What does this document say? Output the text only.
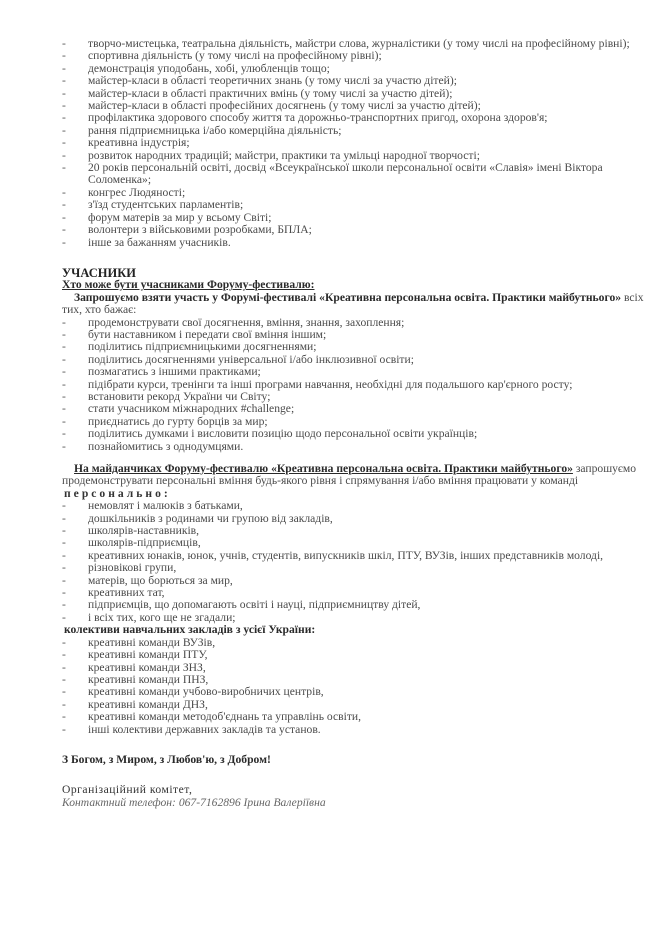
- творчо-мистецька, театральна діяльність, майстри слова, журналістики (у тому числі на професійному рівні);
- спортивна діяльність (у тому числі на професійному рівні);
- демонстрація уподобань, хобі, улюбленців тощо;
- майстер-класи в області теоретичних знань (у тому числі за участю дітей);
- майстер-класи в області практичних вмінь (у тому числі за участю дітей);
- майстер-класи в області професійних досягнень (у тому числі за участю дітей);
- профілактика здорового способу життя та дорожньо-транспортних пригод, охорона здоров'я;
- рання підприємницька і/або комерційна діяльність;
- креативна індустрія;
- розвиток народних традицій; майстри, практики та умільці народної творчості;
- 20 років персональній освіті, досвід «Всеукраїнської школи персональної освіти «Славія» імені Віктора Соломенка»;
- конгрес Людяності;
- з'їзд студентських парламентів;
- форум матерів за мир у всьому Світі;
- волонтери з військовими розробками, БПЛА;
- інше за бажанням учасників.
УЧАСНИКИ
Хто може бути учасниками Форуму-фестивалю:
Запрошуємо взяти участь у Форумі-фестивалі «Креативна персональна освіта. Практики майбутнього» всіх тих, хто бажає:
- продемонструвати свої досягнення, вміння, знання, захоплення;
- бути наставником і передати свої вміння іншим;
- поділитись підприємницькими досягненнями;
- поділитись досягненнями універсальної і/або інклюзивної освіти;
- позмагатись з іншими практиками;
- підібрати курси, тренінги та інші програми навчання, необхідні для подальшого кар'єрного росту;
- встановити рекорд України чи Світу;
- стати учасником міжнародних #challenge;
- приєднатись до гурту борців за мир;
- поділитись думками і висловити позицію щодо персональної освіти українців;
- познайомитись з однодумцями.
На майданчиках Форуму-фестивалю «Креативна персональна освіта. Практики майбутнього» запрошуємо продемонструвати персональні вміння будь-якого рівня і спрямування і/або вміння працювати у команді
персонально:
- немовлят і малюків з батьками,
- дошкільників з родинами чи групою від закладів,
- школярів-наставників,
- школярів-підприємців,
- креативних юнаків, юнок, учнів, студентів, випускників шкіл, ПТУ, ВУЗів, інших представників молоді,
- різновікові групи,
- матерів, що борються за мир,
- креативних тат,
- підприємців, що допомагають освіті і науці, підприємництву дітей,
- і всіх тих, кого ще не згадали;
колективи навчальних закладів з усієї України:
- креативні команди ВУЗів,
- креативні команди ПТУ,
- креативні команди ЗНЗ,
- креативні команди ПНЗ,
- креативні команди учбово-виробничих центрів,
- креативні команди ДНЗ,
- креативні команди методоб'єднань та управлінь освіти,
- інші колективи державних закладів та установ.
З Богом, з Миром, з Любов'ю, з Добром!
Організаційний комітет,
Контактний телефон: 067-7162896 Ірина Валеріївна
